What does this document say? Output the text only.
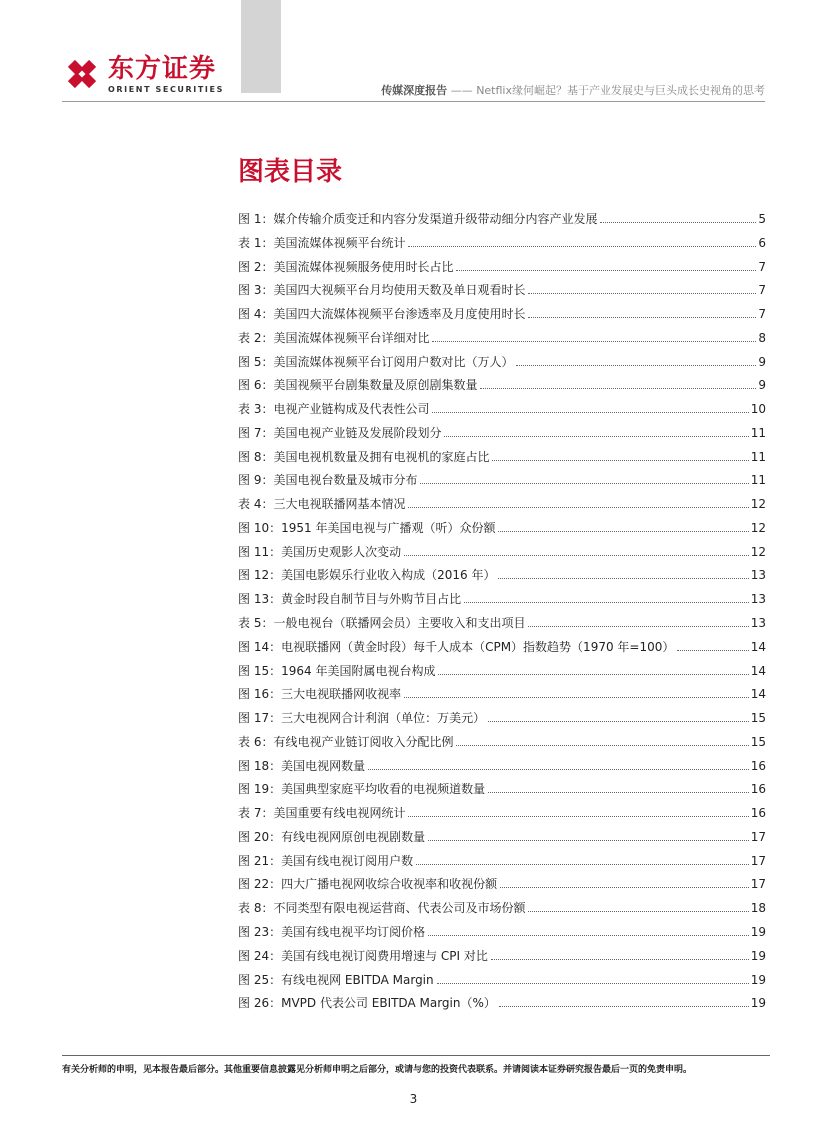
东方证券
ORIENT SECURITIES	传媒深度报告 —— Netflix缘何崛起？基于产业发展史与巨头成长史视角的思考
图表目录
图 1：媒介传输介质变迁和内容分发渠道升级带动细分内容产业发展	5
表 1：美国流媒体视频平台统计	6
图 2：美国流媒体视频服务使用时长占比	7
图 3：美国四大视频平台月均使用天数及单日观看时长	7
图 4：美国四大流媒体视频平台渗透率及月度使用时长	7
表 2：美国流媒体视频平台详细对比	8
图 5：美国流媒体视频平台订阅用户数对比（万人）	9
图 6：美国视频平台剧集数量及原创剧集数量	9
表 3：电视产业链构成及代表性公司	10
图 7：美国电视产业链及发展阶段划分	11
图 8：美国电视机数量及拥有电视机的家庭占比	11
图 9：美国电视台数量及城市分布	11
表 4：三大电视联播网基本情况	12
图 10：1951 年美国电视与广播观（听）众份额	12
图 11：美国历史观影人次变动	12
图 12：美国电影娱乐行业收入构成（2016 年）	13
图 13：黄金时段自制节目与外购节目占比	13
表 5：一般电视台（联播网会员）主要收入和支出项目	13
图 14：电视联播网（黄金时段）每千人成本（CPM）指数趋势（1970 年=100）	14
图 15：1964 年美国附属电视台构成	14
图 16：三大电视联播网收视率	14
图 17：三大电视网合计利润（单位：万美元）	15
表 6：有线电视产业链订阅收入分配比例	15
图 18：美国电视网数量	16
图 19：美国典型家庭平均收看的电视频道数量	16
表 7：美国重要有线电视网统计	16
图 20：有线电视网原创电视剧数量	17
图 21：美国有线电视订阅用户数	17
图 22：四大广播电视网收综合收视率和收视份额	17
表 8：不同类型有限电视运营商、代表公司及市场份额	18
图 23：美国有线电视平均订阅价格	19
图 24：美国有线电视订阅费用增速与 CPI 对比	19
图 25：有线电视网 EBITDA Margin	19
图 26：MVPD 代表公司 EBITDA Margin（%）	19
有关分析师的申明，见本报告最后部分。其他重要信息披露见分析师申明之后部分，或请与您的投资代表联系。并请阅读本证券研究报告最后一页的免责申明。
3
